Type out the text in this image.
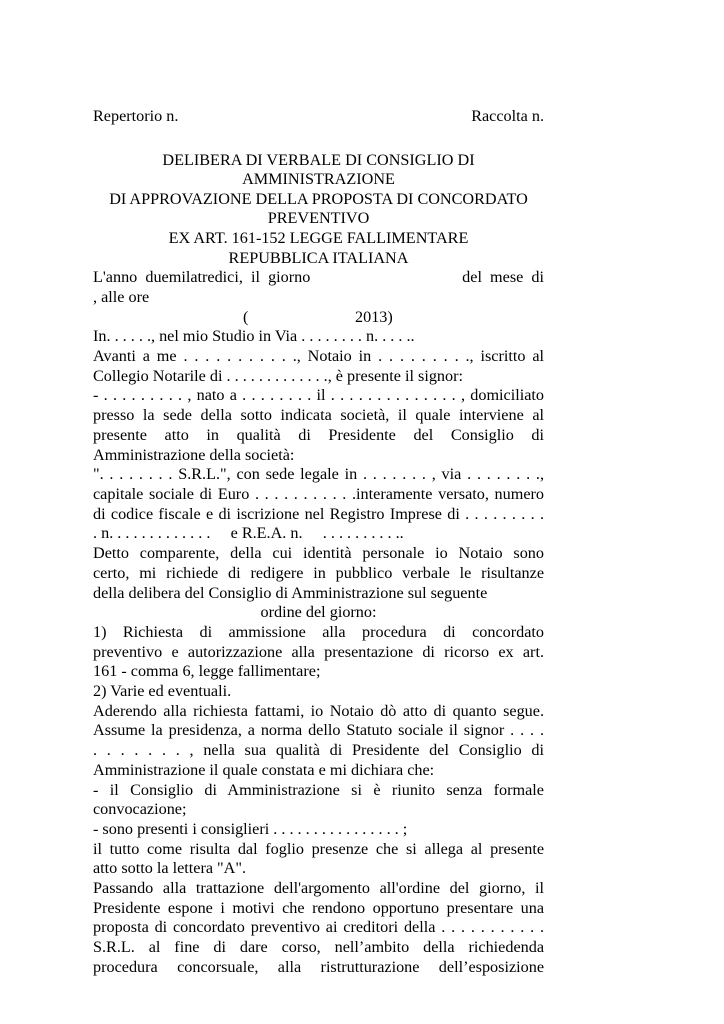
Repertorio n.	Raccolta n.
DELIBERA DI VERBALE DI CONSIGLIO DI
AMMINISTRAZIONE
DI APPROVAZIONE DELLA PROPOSTA DI CONCORDATO
PREVENTIVO
EX ART. 161-152 LEGGE FALLIMENTARE
REPUBBLICA ITALIANA
L'anno  duemilatredici,  il  giorno	del  mese  di
, alle ore
(	2013)
In. . . . . ., nel mio Studio in Via . . . . . . . . n. . . . ..
Avanti a me . . . . . . . . . . ., Notaio in . . . . . . . . ., iscritto al
Collegio Notarile di . . . . . . . . . . . . ., è presente il signor:
- . . . . . . . . . , nato a . . . . . . . . il . . . . . . . . . . . . . . , domiciliato
presso la sede della sotto indicata società, il quale interviene al
presente atto in qualità di Presidente del Consiglio di
Amministrazione della società:
". . . . . . . . S.R.L.", con sede legale in . . . . . . . , via . . . . . . . .,
capitale sociale di Euro . . . . . . . . . . .interamente versato, numero
di codice fiscale e di iscrizione nel Registro Imprese di . . . . . . . . .
. n. . . . . . . . . . . . .     e R.E.A. n.     . . . . . . . . . ..
Detto comparente, della cui identità personale io Notaio sono
certo, mi richiede di redigere in pubblico verbale le risultanze
della delibera del Consiglio di Amministrazione sul seguente
ordine del giorno:
1) Richiesta di ammissione alla procedura di concordato
preventivo e autorizzazione alla presentazione di ricorso ex art.
161 - comma 6, legge fallimentare;
2) Varie ed eventuali.
Aderendo alla richiesta fattami, io Notaio dò atto di quanto segue.
Assume la presidenza, a norma dello Statuto sociale il signor . . . .
. . . . . . . , nella sua qualità di Presidente del Consiglio di
Amministrazione il quale constata e mi dichiara che:
- il Consiglio di Amministrazione si è riunito senza formale
convocazione;
- sono presenti i consiglieri . . . . . . . . . . . . . . . . ;
il tutto come risulta dal foglio presenze che si allega al presente
atto sotto la lettera "A".
Passando alla trattazione dell'argomento all'ordine del giorno, il
Presidente espone i motivi che rendono opportuno presentare una
proposta di concordato preventivo ai creditori della . . . . . . . . . . .
S.R.L. al fine di dare corso, nell’ambito della richiedenda
procedura concorsuale, alla ristrutturazione dell’esposizione
